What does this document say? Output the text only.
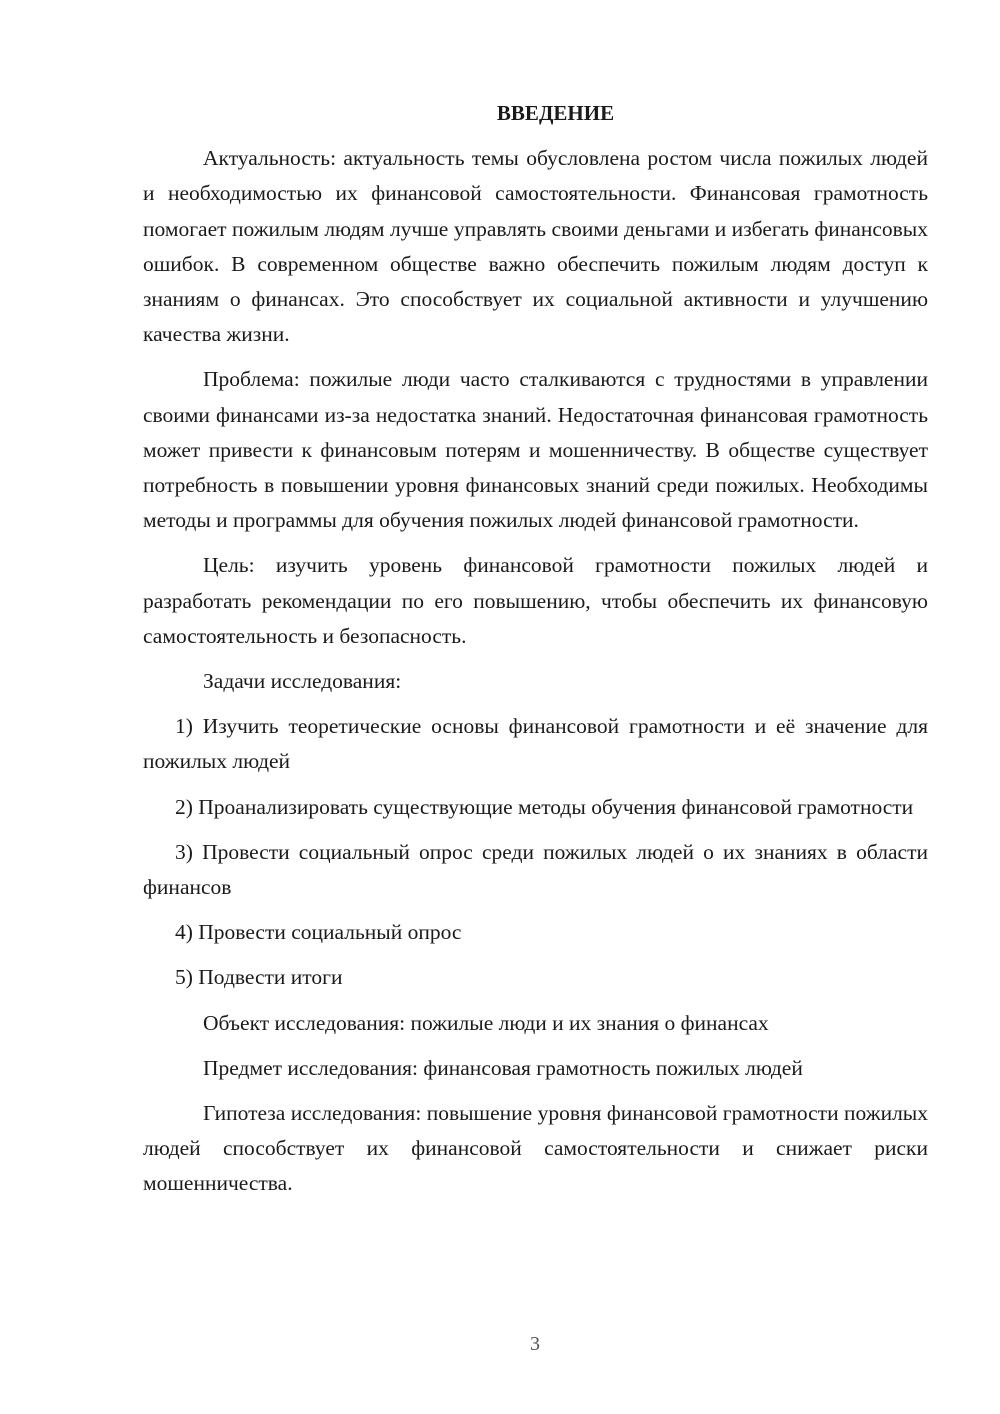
ВВЕДЕНИЕ

Актуальность: актуальность темы обусловлена ростом числа пожилых людей и необходимостью их финансовой самостоятельности. Финансовая грамотность помогает пожилым людям лучше управлять своими деньгами и избегать финансовых ошибок. В современном обществе важно обеспечить пожилым людям доступ к знаниям о финансах. Это способствует их социальной активности и улучшению качества жизни.

Проблема: пожилые люди часто сталкиваются с трудностями в управлении своими финансами из-за недостатка знаний. Недостаточная финансовая грамотность может привести к финансовым потерям и мошенничеству. В обществе существует потребность в повышении уровня финансовых знаний среди пожилых. Необходимы методы и программы для обучения пожилых людей финансовой грамотности.

Цель: изучить уровень финансовой грамотности пожилых людей и разработать рекомендации по его повышению, чтобы обеспечить их финансовую самостоятельность и безопасность.

Задачи исследования:

1) Изучить теоретические основы финансовой грамотности и её значение для пожилых людей

2) Проанализировать существующие методы обучения финансовой грамотности

3) Провести социальный опрос среди пожилых людей о их знаниях в области финансов

4) Провести социальный опрос

5) Подвести итоги

Объект исследования: пожилые люди и их знания о финансах

Предмет исследования: финансовая грамотность пожилых людей

Гипотеза исследования: повышение уровня финансовой грамотности пожилых людей способствует их финансовой самостоятельности и снижает риски мошенничества.

3
